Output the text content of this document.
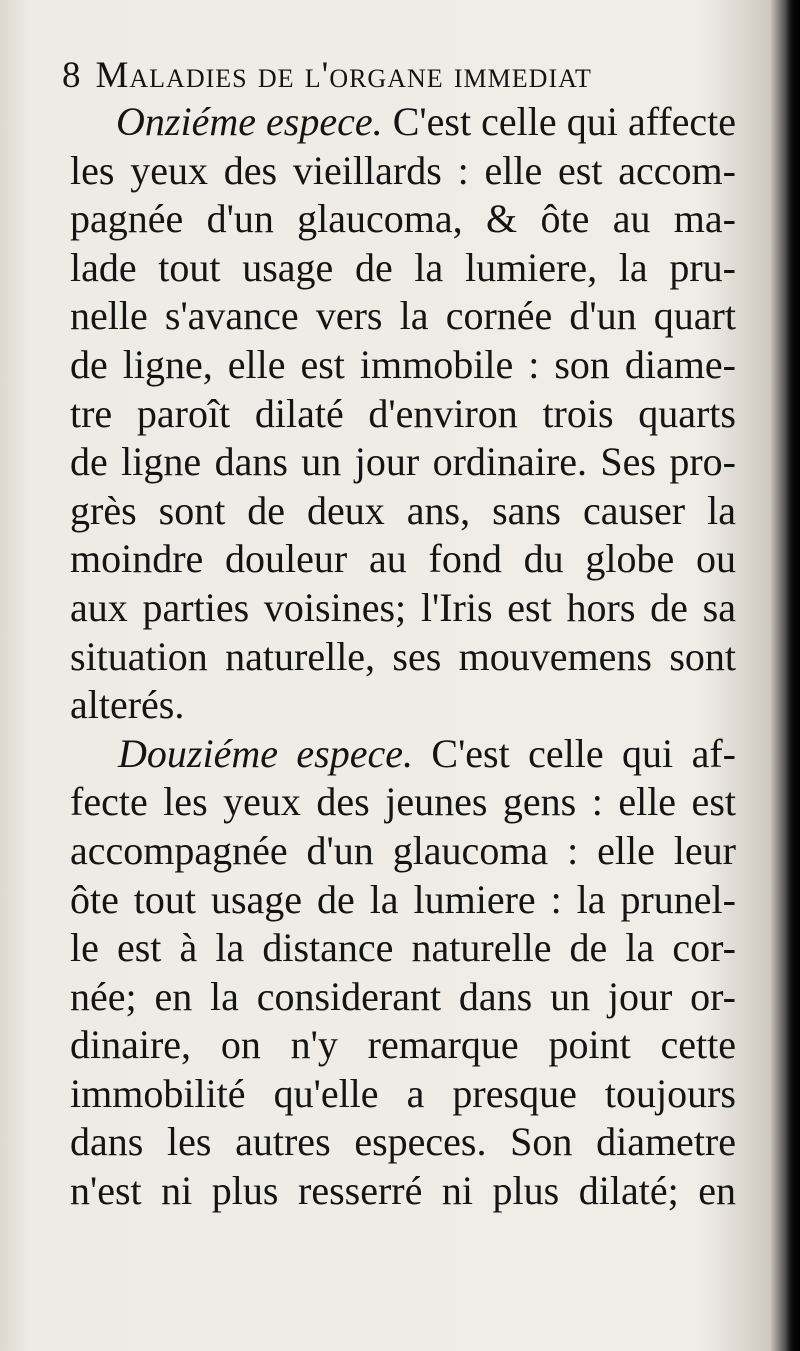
8 Maladies de l'organe immediat
Onziéme espece. C'est celle qui affecte
les yeux des vieillards : elle est accom-
pagnée d'un glaucoma, & ôte au ma-
lade tout usage de la lumiere, la pru-
nelle s'avance vers la cornée d'un quart
de ligne, elle est immobile : son diame-
tre paroît dilaté d'environ trois quarts
de ligne dans un jour ordinaire. Ses pro-
grès sont de deux ans, sans causer la
moindre douleur au fond du globe ou
aux parties voisines; l'Iris est hors de sa
situation naturelle, ses mouvemens sont
alterés.
Douziéme espece. C'est celle qui af-
fecte les yeux des jeunes gens : elle est
accompagnée d'un glaucoma : elle leur
ôte tout usage de la lumiere : la prunel-
le est à la distance naturelle de la cor-
née; en la considerant dans un jour or-
dinaire, on n'y remarque point cette
immobilité qu'elle a presque toujours
dans les autres especes. Son diametre
n'est ni plus resserré ni plus dilaté; en
